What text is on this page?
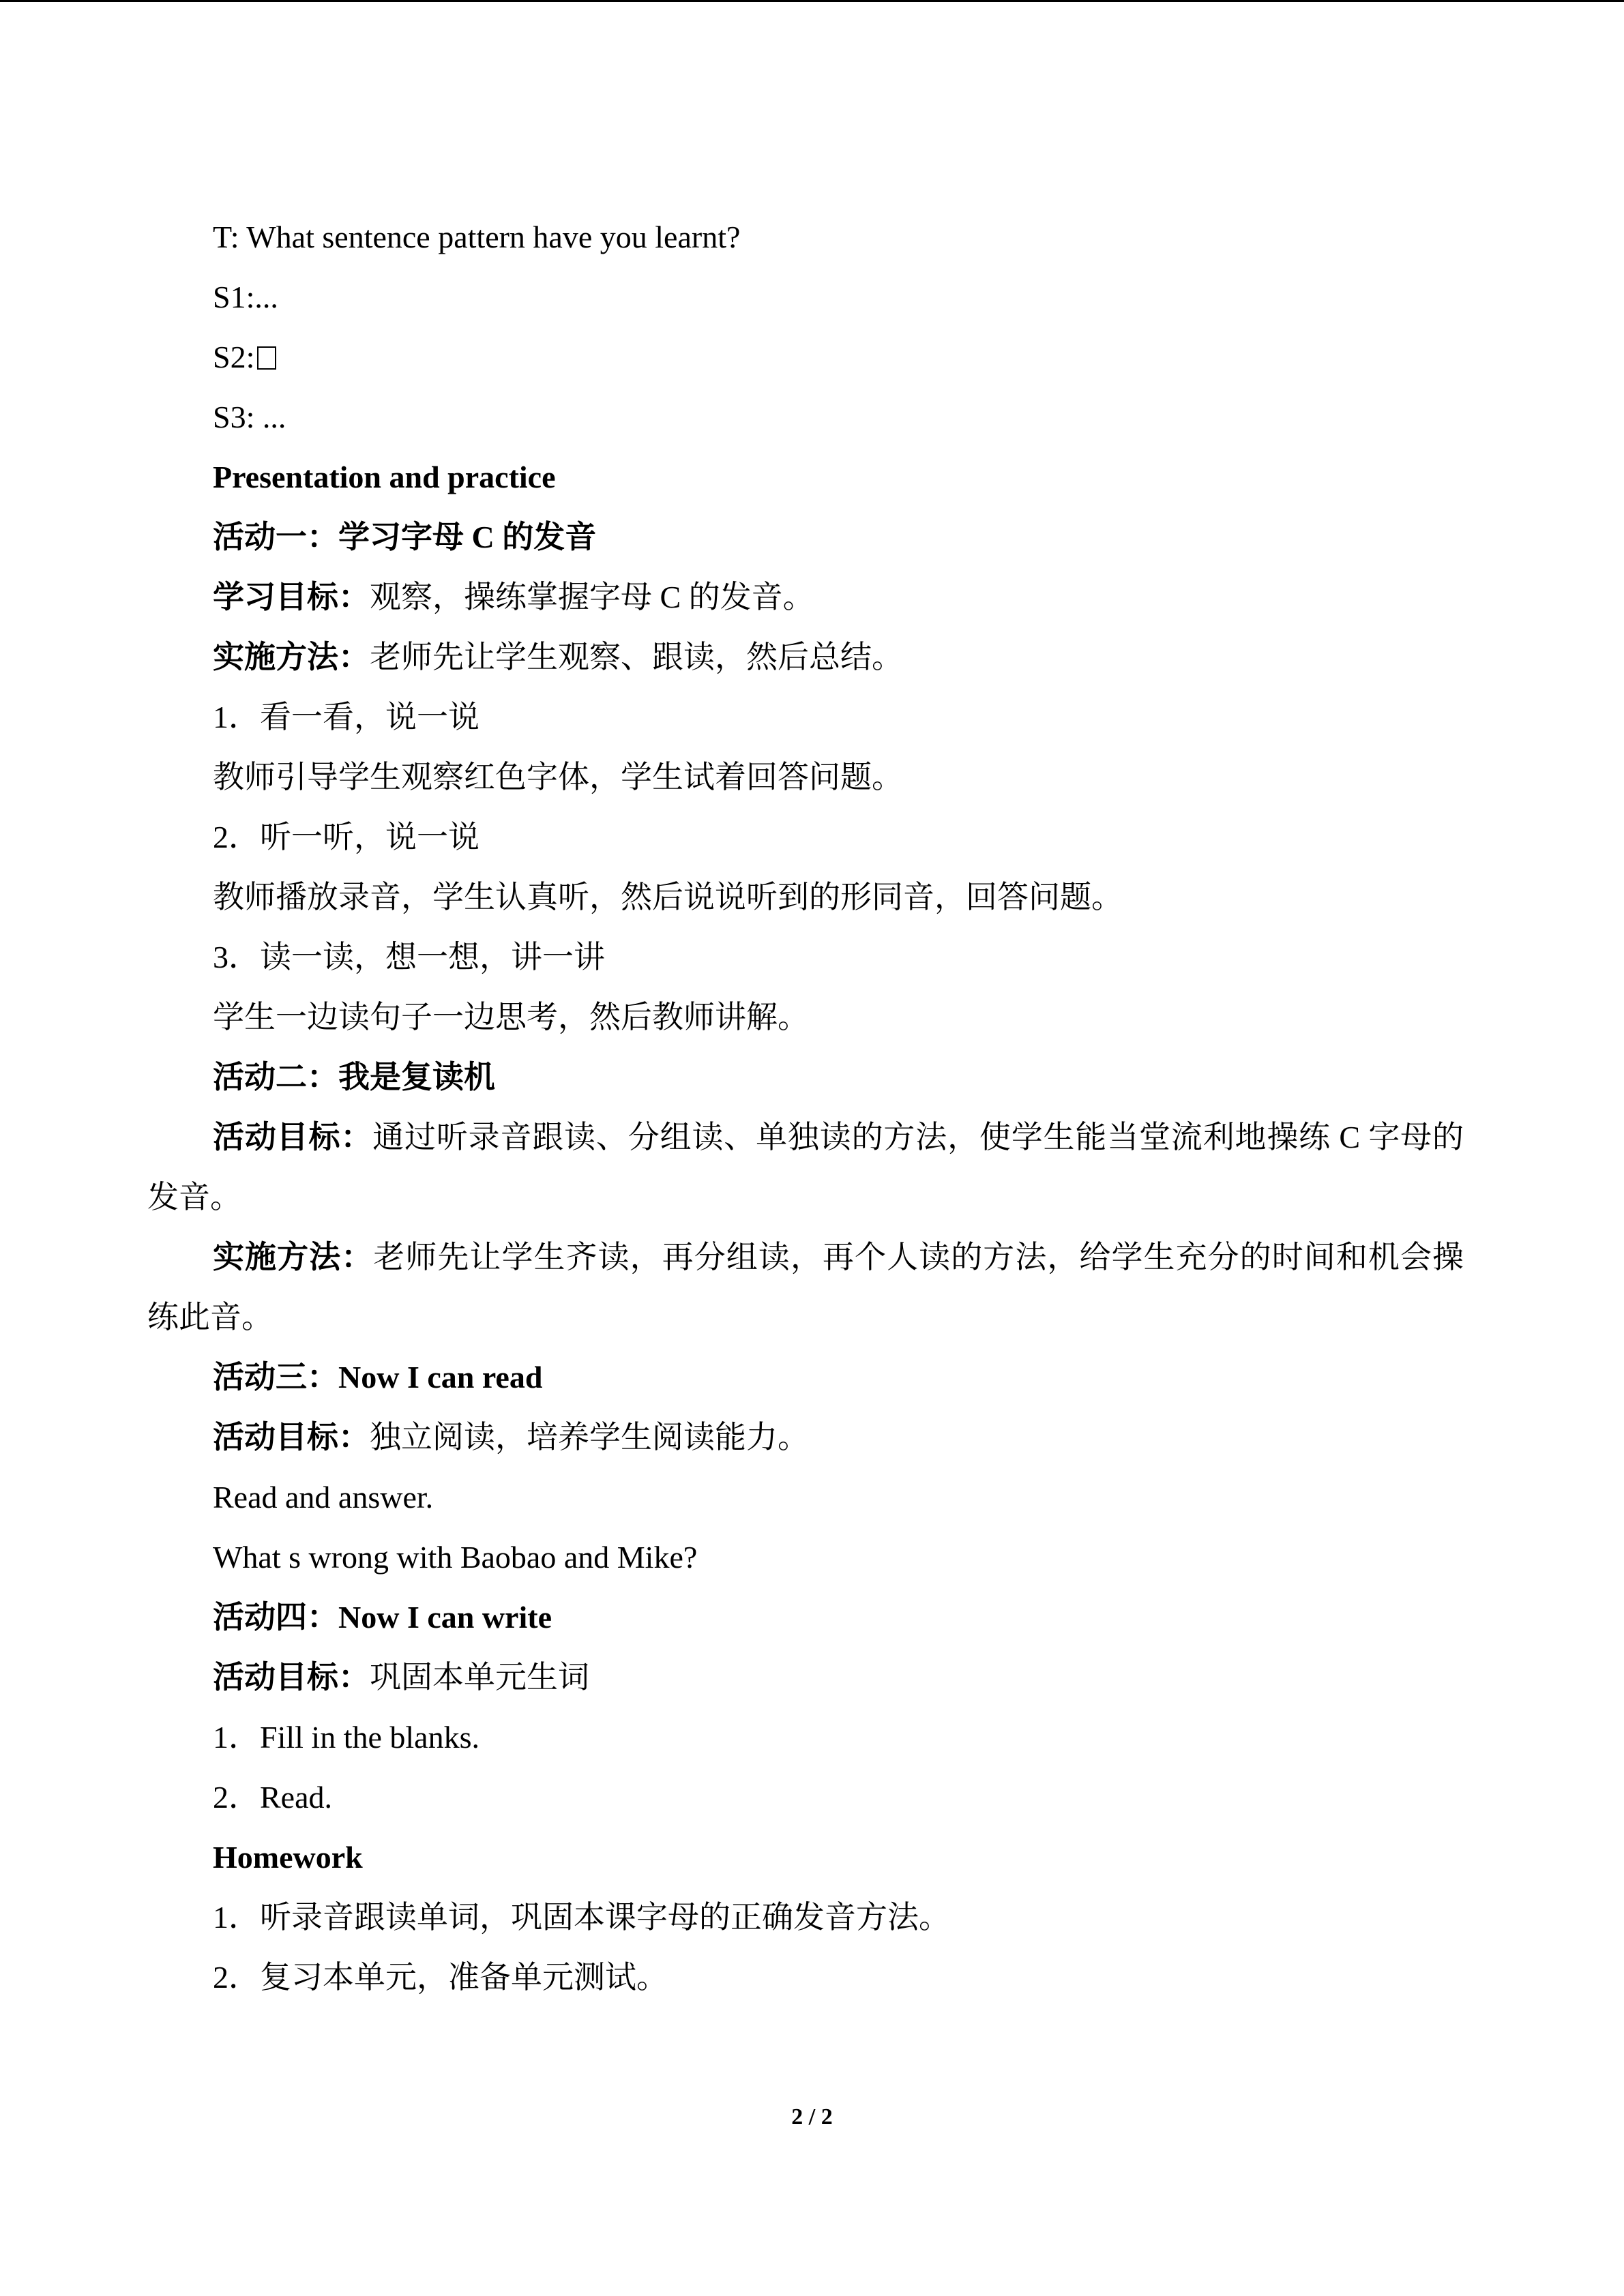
T: What sentence pattern have you learnt?
S1:...
S2:
S3: ...
Presentation and practice
活动一：学习字母 C 的发音
学习目标：观察，操练掌握字母 C 的发音。
实施方法：老师先让学生观察、跟读，然后总结。
1．看一看，说一说
教师引导学生观察红色字体，学生试着回答问题。
2．听一听，说一说
教师播放录音，学生认真听，然后说说听到的形同音，回答问题。
3．读一读，想一想，讲一讲
学生一边读句子一边思考，然后教师讲解。
活动二：我是复读机
活动目标：通过听录音跟读、分组读、单独读的方法，使学生能当堂流利地操练 C 字母的发音。
实施方法：老师先让学生齐读，再分组读，再个人读的方法，给学生充分的时间和机会操练此音。
活动三：Now I can read
活动目标：独立阅读，培养学生阅读能力。
Read and answer.
What s wrong with Baobao and Mike?
活动四：Now I can write
活动目标：巩固本单元生词
1．Fill in the blanks.
2．Read.
Homework
1．听录音跟读单词，巩固本课字母的正确发音方法。
2．复习本单元，准备单元测试。
2 / 2
